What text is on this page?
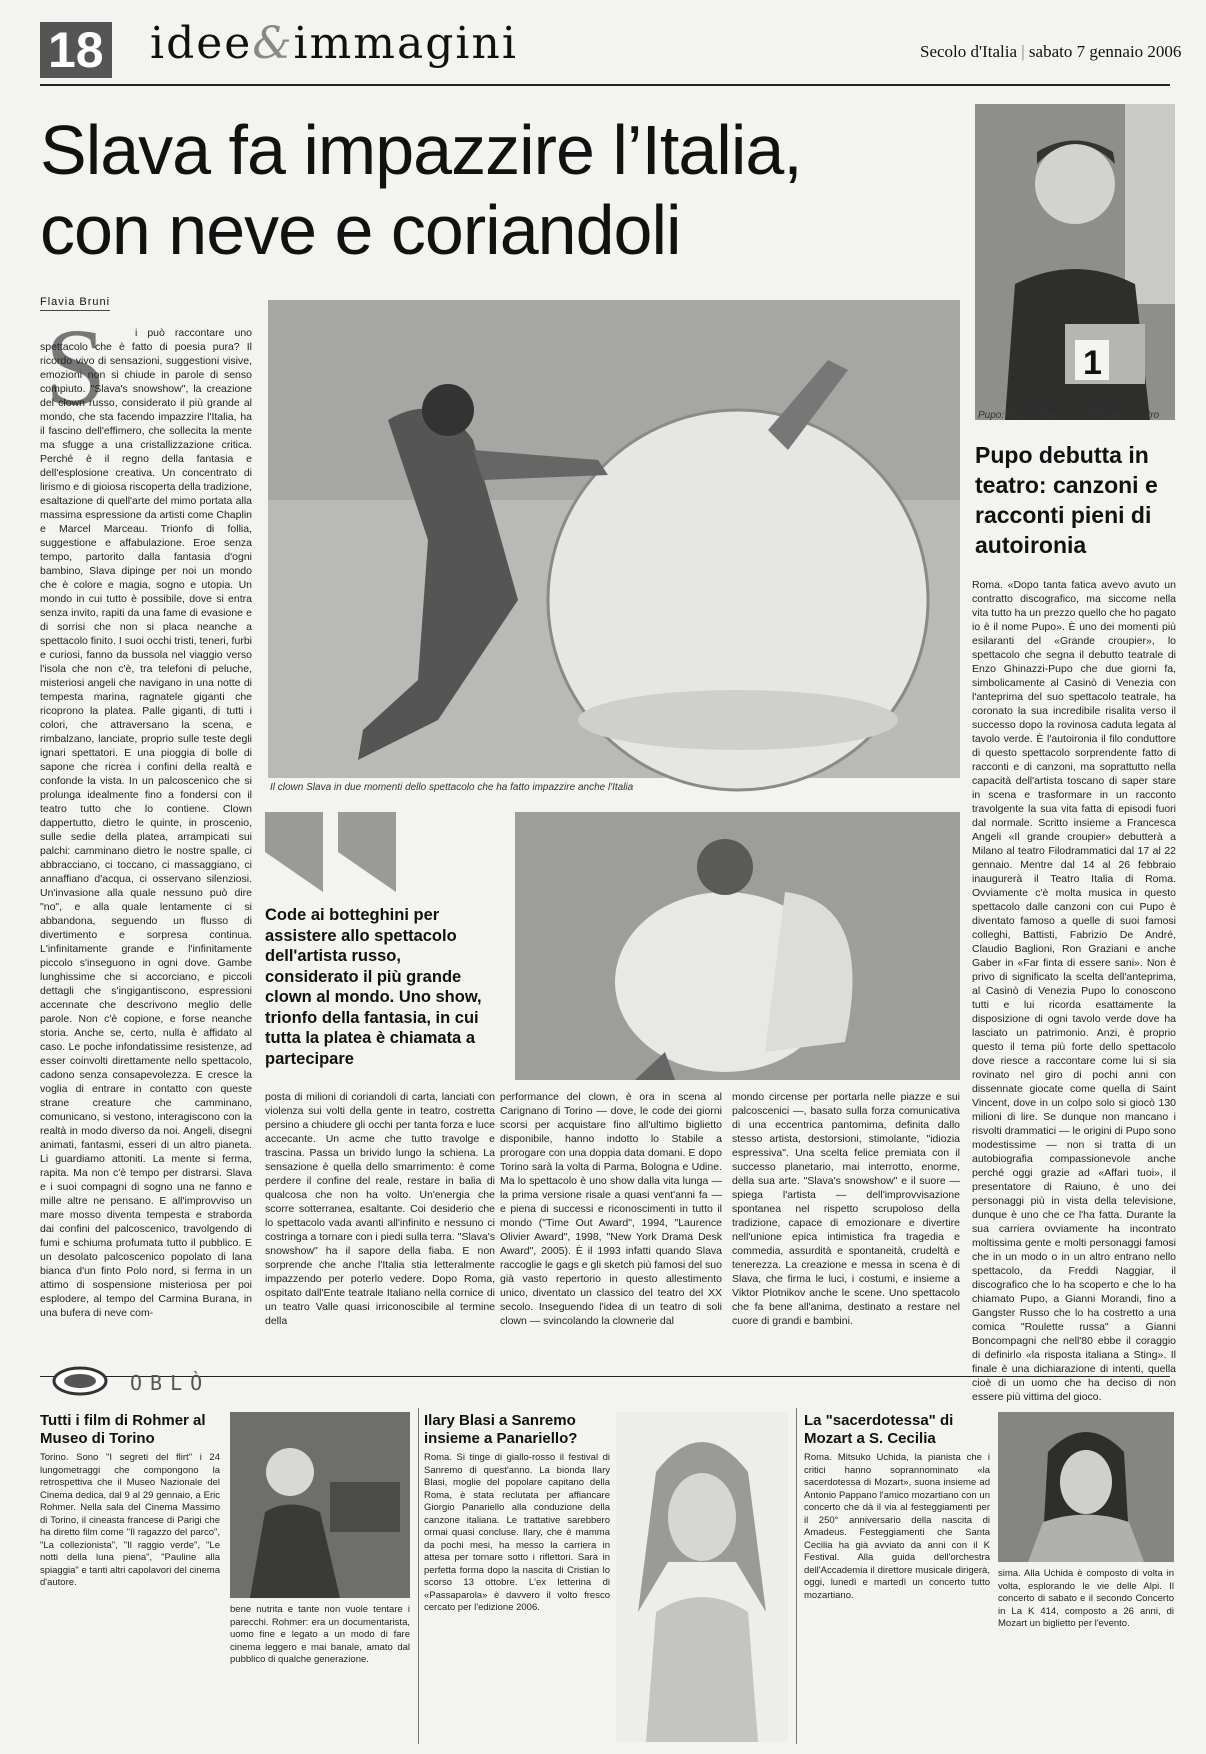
18 idee&immagini	Secolo d'Italia | sabato 7 gennaio 2006
Slava fa impazzire l’Italia,
con neve e coriandoli
Flavia Bruni
S	i può raccontare uno spettacolo che è fatto di poesia pura? Il ricordo vivo di sensazioni, suggestioni visive, emozioni non si chiude in parole di senso compiuto. "Slava's snowshow", la creazione del clown russo, considerato il più grande al mondo, che sta facendo impazzire l'Italia, ha il fascino dell'effimero, che sollecita la mente ma sfugge a una cristallizzazione critica. Perché è il regno della fantasia e dell'esplosione creativa. Un concentrato di lirismo e di gioiosa riscoperta della tradizione, esaltazione di quell'arte del mimo portata alla massima espressione da artisti come Chaplin e Marcel Marceau. Trionfo di follia, suggestione e affabulazione. Eroe senza tempo, partorito dalla fantasia d'ogni bambino, Slava dipinge per noi un mondo che è colore e magia, sogno e utopia. Un mondo in cui tutto è possibile, dove si entra senza invito, rapiti da una fame di evasione e di sorrisi che non si placa neanche a spettacolo finito. I suoi occhi tristi, teneri, furbi e curiosi, fanno da bussola nel viaggio verso l'isola che non c'è, tra telefoni di peluche, misteriosi angeli che navigano in una notte di tempesta marina, ragnatele giganti che ricoprono la platea. Palle giganti, di tutti i colori, che attraversano la scena, e rimbalzano, lanciate, proprio sulle teste degli ignari spettatori. E una pioggia di bolle di sapone che ricrea i confini della realtà e confonde la vista. In un palcoscenico che si prolunga idealmente fino a fondersi con il teatro tutto che lo contiene. Clown dappertutto, dietro le quinte, in proscenio, sulle sedie della platea, arrampicati sui palchi: camminano dietro le nostre spalle, ci abbracciano, ci toccano, ci massaggiano, ci annaffiano d'acqua, ci osservano silenziosi. Un'invasione alla quale nessuno può dire "no", e alla quale lentamente ci si abbandona, seguendo un flusso di divertimento e sorpresa continua. L'infinitamente grande e l'infinitamente piccolo s'inseguono in ogni dove. Gambe lunghissime che si accorciano, e piccoli dettagli che s'ingigantiscono, espressioni accennate che descrivono meglio delle parole. Non c'è copione, e forse neanche storia. Anche se, certo, nulla è affidato al caso. Le poche infondatissime resistenze, ad esser coinvolti direttamente nello spettacolo, cadono senza consapevolezza. E cresce la voglia di entrare in contatto con queste strane creature che camminano, comunicano, si vestono, interagiscono con la realtà in modo diverso da noi. Angeli, disegni animati, fantasmi, esseri di un altro pianeta. Li guardiamo attoniti. La mente si ferma, rapita. Ma non c'è tempo per distrarsi. Slava e i suoi compagni di sogno una ne fanno e mille altre ne pensano. E all'improvviso un mare mosso diventa tempesta e straborda dai confini del palcoscenico, travolgendo di fumi e schiuma profumata tutto il pubblico. E un desolato palcoscenico popolato di lana bianca d'un finto Polo nord, si ferma in un attimo di sospensione misteriosa per poi esplodere, al tempo del Carmina Burana, in una bufera di neve com-
Il clown Slava in due momenti dello spettacolo che ha fatto impazzire anche l'Italia
Code ai botteghini per assistere allo spettacolo dell'artista russo, considerato il più grande clown al mondo. Uno show, trionfo della fantasia, in cui tutta la platea è chiamata a partecipare
posta di milioni di coriandoli di carta, lanciati con violenza sui volti della gente in teatro, costretta persino a chiudere gli occhi per tanta forza e luce accecante. Un acme che tutto travolge e trascina. Passa un brivido lungo la schiena. La sensazione è quella dello smarrimento: è come perdere il confine del reale, restare in balia di qualcosa che non ha volto. Un'energia che scorre sotterranea, esaltante. Coi desiderio che lo spettacolo vada avanti all'infinito e nessuno ci costringa a tornare con i piedi sulla terra. "Slava's snowshow" ha il sapore della fiaba. E non sorprende che anche l'Italia stia letteralmente impazzendo per poterlo vedere. Dopo Roma, ospitato dall'Ente teatrale Italiano nella cornice di un teatro Valle quasi irriconoscibile al termine della
performance del clown, è ora in scena al Carignano di Torino — dove, le code dei giorni scorsi per acquistare fino all'ultimo biglietto disponibile, hanno indotto lo Stabile a prorogare con una doppia data domani. E dopo Torino sarà la volta di Parma, Bologna e Udine. Ma lo spettacolo è uno show dalla vita lunga — la prima versione risale a quasi vent'anni fa — e piena di successi e riconoscimenti in tutto il mondo ("Time Out Award", 1994, "Laurence Olivier Award", 1998, "New York Drama Desk Award", 2005). È il 1993 infatti quando Slava raccoglie le gags e gli sketch più famosi del suo già vasto repertorio in questo allestimento unico, diventato un classico del teatro del XX secolo. Inseguendo l'idea di un teatro di soli clown — svincolando la clownerie dal
mondo circense per portarla nelle piazze e sui palcoscenici —, basato sulla forza comunicativa di una eccentrica pantomima, definita dallo stesso artista, destorsioni, stimolante, "idiozia espressiva". Una scelta felice premiata con il successo planetario, mai interrotto, enorme, della sua arte. "Slava's snowshow" e il suore — spiega l'artista — dell'improvvisazione spontanea nel rispetto scrupoloso della tradizione, capace di emozionare e divertire nell'unione epica intimistica fra tragedia e commedia, assurdità e spontaneità, crudeltà e tenerezza. La creazione e messa in scena è di Slava, che firma le luci, i costumi, e insieme a Viktor Plotnikov anche le scene. Uno spettacolo che fa bene all'anima, destinato a restare nel cuore di grandi e bambini.
1
Pupo: dopo "Affari tuoi", debutta in teatro
Pupo debutta in teatro: canzoni e racconti pieni di autoironia
Roma. «Dopo tanta fatica avevo avuto un contratto discografico, ma siccome nella vita tutto ha un prezzo quello che ho pagato io è il nome Pupo». È uno dei momenti più esilaranti del «Grande croupier», lo spettacolo che segna il debutto teatrale di Enzo Ghinazzi-Pupo che due giorni fa, simbolicamente al Casinò di Venezia con l'anteprima del suo spettacolo teatrale, ha coronato la sua incredibile risalita verso il successo dopo la rovinosa caduta legata al tavolo verde. È l'autoironia il filo conduttore di questo spettacolo sorprendente fatto di racconti e di canzoni, ma soprattutto nella capacità dell'artista toscano di saper stare in scena e trasformare in un racconto travolgente la sua vita fatta di episodi fuori dal normale. Scritto insieme a Francesca Angeli «Il grande croupier» debutterà a Milano al teatro Filodrammatici dal 17 al 22 gennaio. Mentre dal 14 al 26 febbraio inaugurerà il Teatro Italia di Roma. Ovviamente c'è molta musica in questo spettacolo dalle canzoni con cui Pupo è diventato famoso a quelle di suoi famosi colleghi, Battisti, Fabrizio De André, Claudio Baglioni, Ron Graziani e anche Gaber in «Far finta di essere sani». Non è privo di significato la scelta dell'anteprima, al Casinò di Venezia Pupo lo conoscono tutti e lui ricorda esattamente la disposizione di ogni tavolo verde dove ha lasciato un patrimonio. Anzi, è proprio questo il tema più forte dello spettacolo dove riesce a raccontare come lui si sia rovinato nel giro di pochi anni con dissennate giocate come quella di Saint Vincent, dove in un colpo solo si giocò 130 milioni di lire. Se dunque non mancano i risvolti drammatici — le origini di Pupo sono modestissime — non si tratta di un autobiografia compassionevole anche perché oggi grazie ad «Affari tuoi», il presentatore di Raiuno, è uno dei personaggi più in vista della televisione, dunque è uno che ce l'ha fatta. Durante la sua carriera ovviamente ha incontrato moltissima gente e molti personaggi famosi che in un modo o in un altro entrano nello spettacolo, da Freddi Naggiar, il discografico che lo ha scoperto e che lo ha chiamato Pupo, a Gianni Morandi, fino a Gangster Russo che lo ha costretto a una comica "Roulette russa" a Gianni Boncompagni che nell'80 ebbe il coraggio di definirlo «la risposta italiana a Sting». Il finale è una dichiarazione di intenti, quella cioè di un uomo che ha deciso di non essere più vittima del gioco.
OBLÒ
Tutti i film di Rohmer al Museo di Torino
Torino. Sono "I segreti del flirt" i 24 lungometraggi che compongono la retrospettiva che il Museo Nazionale del Cinema dedica, dal 9 al 29 gennaio, a Eric Rohmer. Nella sala del Cinema Massimo di Torino, il cineasta francese di Parigi che ha diretto film come "Il ragazzo del parco", "La collezionista", "Il raggio verde", "Le notti della luna piena", "Pauline alla spiaggia" e tanti altri capolavori del cinema d'autore.
bene nutrita e tante non vuole tentare i parecchi. Rohmer: era un documentarista, uomo fine e legato a un modo di fare cinema leggero e mai banale, amato dal pubblico di qualche generazione.
Ilary Blasi a Sanremo insieme a Panariello?
Roma. Si tinge di giallo-rosso il festival di Sanremo di quest'anno. La bionda Ilary Blasi, moglie del popolare capitano della Roma, è stata reclutata per affiancare Giorgio Panariello alla conduzione della canzone italiana. Le trattative sarebbero ormai quasi concluse. Ilary, che è mamma da pochi mesi, ha messo la carriera in attesa per tornare sotto i riflettori. Sarà in perfetta forma dopo la nascita di Cristian lo scorso 13 ottobre. L'ex letterina di «Passaparola» è davvero il volto fresco cercato per l'edizione 2006.
La "sacerdotessa" di Mozart a S. Cecilia
Roma. Mitsuko Uchida, la pianista che i critici hanno soprannominato «la sacerdotessa di Mozart», suona insieme ad Antonio Pappano l'amico mozartiano con un concerto che dà il via al festeggiamenti per il 250° anniversario della nascita di Amadeus. Festeggiamenti che Santa Cecilia ha già avviato da anni con il K Festival. Alla guida dell'orchestra dell'Accademia il direttore musicale dirigerà, oggi, lunedì e martedì un concerto tutto mozartiano.
sima. Alla Uchida è composto di volta in volta, esplorando le vie delle Alpi. Il concerto di sabato e il secondo Concerto in La K 414, composto a 26 anni, di Mozart un biglietto per l'evento.
